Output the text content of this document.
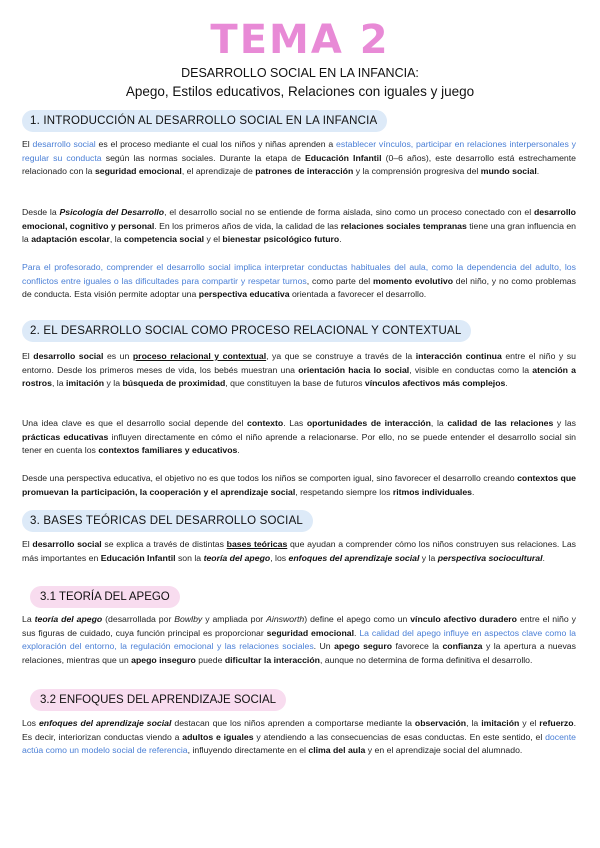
TEMA 2
DESARROLLO SOCIAL EN LA INFANCIA:
Apego, Estilos educativos, Relaciones con iguales y juego
1. INTRODUCCIÓN AL DESARROLLO SOCIAL EN LA INFANCIA

El desarrollo social es el proceso mediante el cual los niños y niñas aprenden a establecer vínculos, participar en relaciones interpersonales y regular su conducta según las normas sociales. Durante la etapa de Educación Infantil (0–6 años), este desarrollo está estrechamente relacionado con la seguridad emocional, el aprendizaje de patrones de interacción y la comprensión progresiva del mundo social.

Desde la Psicología del Desarrollo, el desarrollo social no se entiende de forma aislada, sino como un proceso conectado con el desarrollo emocional, cognitivo y personal. En los primeros años de vida, la calidad de las relaciones sociales tempranas tiene una gran influencia en la adaptación escolar, la competencia social y el bienestar psicológico futuro.

Para el profesorado, comprender el desarrollo social implica interpretar conductas habituales del aula, como la dependencia del adulto, los conflictos entre iguales o las dificultades para compartir y respetar turnos, como parte del momento evolutivo del niño, y no como problemas de conducta. Esta visión permite adoptar una perspectiva educativa orientada a favorecer el desarrollo.

2. EL DESARROLLO SOCIAL COMO PROCESO RELACIONAL Y CONTEXTUAL

El desarrollo social es un proceso relacional y contextual, ya que se construye a través de la interacción continua entre el niño y su entorno. Desde los primeros meses de vida, los bebés muestran una orientación hacia lo social, visible en conductas como la atención a rostros, la imitación y la búsqueda de proximidad, que constituyen la base de futuros vínculos afectivos más complejos.

Una idea clave es que el desarrollo social depende del contexto. Las oportunidades de interacción, la calidad de las relaciones y las prácticas educativas influyen directamente en cómo el niño aprende a relacionarse. Por ello, no se puede entender el desarrollo social sin tener en cuenta los contextos familiares y educativos.

Desde una perspectiva educativa, el objetivo no es que todos los niños se comporten igual, sino favorecer el desarrollo creando contextos que promuevan la participación, la cooperación y el aprendizaje social, respetando siempre los ritmos individuales.

3. BASES TEÓRICAS DEL DESARROLLO SOCIAL

El desarrollo social se explica a través de distintas bases teóricas que ayudan a comprender cómo los niños construyen sus relaciones. Las más importantes en Educación Infantil son la teoría del apego, los enfoques del aprendizaje social y la perspectiva sociocultural.

3.1 TEORÍA DEL APEGO

La teoría del apego (desarrollada por Bowlby y ampliada por Ainsworth) define el apego como un vínculo afectivo duradero entre el niño y sus figuras de cuidado, cuya función principal es proporcionar seguridad emocional. La calidad del apego influye en aspectos clave como la exploración del entorno, la regulación emocional y las relaciones sociales. Un apego seguro favorece la confianza y la apertura a nuevas relaciones, mientras que un apego inseguro puede dificultar la interacción, aunque no determina de forma definitiva el desarrollo.

3.2 ENFOQUES DEL APRENDIZAJE SOCIAL

Los enfoques del aprendizaje social destacan que los niños aprenden a comportarse mediante la observación, la imitación y el refuerzo. Es decir, interiorizan conductas viendo a adultos e iguales y atendiendo a las consecuencias de esas conductas. En este sentido, el docente actúa como un modelo social de referencia, influyendo directamente en el clima del aula y en el aprendizaje social del alumnado.
